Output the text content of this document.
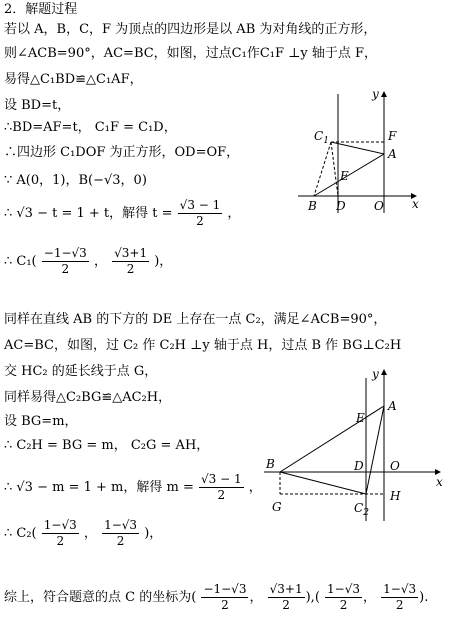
2．解题过程
若以 A，B，C，F 为顶点的四边形是以 AB 为对角线的正方形，
则∠ACB=90°，AC=BC，如图，过点C₁作C₁F ⊥y 轴于点 F，
易得△C₁BD≌△C₁AF，
设 BD=t，
∴BD=AF=t， C₁F = C₁D，
∴四边形 C₁DOF 为正方形，OD=OF，
∵ A(0，1)，B(−√3，0)
∴ √3 − t = 1 + t，解得 $t = \frac{√3 - 1}{2}$ ，
∴ $C_1( \frac{-1-√3}{2}$ ， $\frac{√3+1}{2}$ )，
同样在直线 AB 的下方的 DE 上存在一点 C₂，满足∠ACB=90°，
AC=BC，如图，过 C₂ 作 C₂H ⊥y 轴于点 H，过点 B 作 BG⊥C₂H
交 HC₂ 的延长线于点 G，
同样易得△C₂BG≌△AC₂H，
设 BG=m，
∴ C₂H = BG = m， C₂G = AH，
∴ √3 − m = 1 + m，解得 $m = \frac{√3 - 1}{2}$ ，
∴ $C_2( \frac{1-√3}{2}$ ， $\frac{1-√3}{2}$ )，
综上，符合题意的点 C 的坐标为( $\frac{-1-√3}{2}$ ， $\frac{√3+1}{2}$ ),( $\frac{1-√3}{2}$ ， $\frac{1-√3}{2}$ ).
y
x
$C_1$	F
A
E
B D O
y
x
A
E
B	D O
G
H
$C_2$
